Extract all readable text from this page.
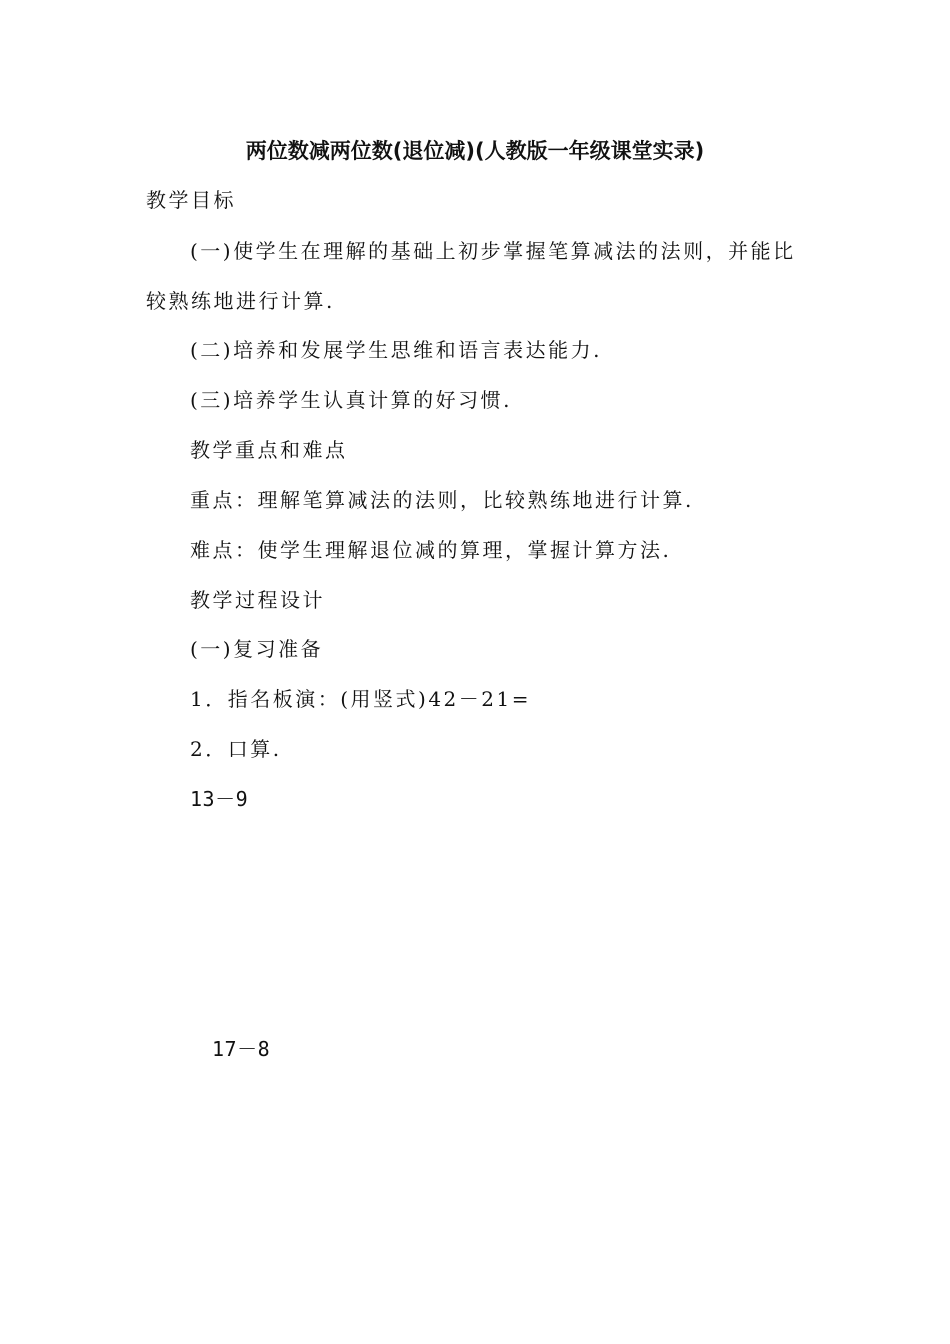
两位数减两位数(退位减)(人教版一年级课堂实录)
教学目标
(一)使学生在理解的基础上初步掌握笔算减法的法则，并能比
较熟练地进行计算.
(二)培养和发展学生思维和语言表达能力.
(三)培养学生认真计算的好习惯.
教学重点和难点
重点：理解笔算减法的法则，比较熟练地进行计算.
难点：使学生理解退位减的算理，掌握计算方法.
教学过程设计
(一)复习准备
1．指名板演：(用竖式)42－21=
2．口算.
13－9
17－8
